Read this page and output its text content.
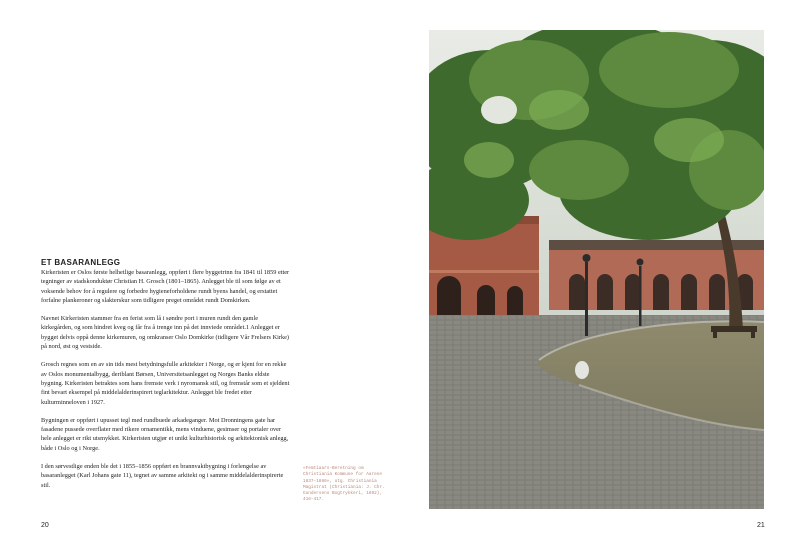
ET BASARANLEGG

Kirkeristen er Oslos første helhetlige basaranlegg, oppført i flere byggetrinn fra 1841 til 1859 etter tegninger av stadskonduktør Christian H. Grosch (1801–1865). Anlegget ble til som følge av et voksende behov for å regulere og forbedre hygieneforholdene rundt byens handel, og erstattet forfalne plankeroner og slakterskur som tidligere preget området rundt Domkirken.

Navnet Kirkeristen stammer fra en ferist som lå i søndre port i muren rundt den gamle kirkegården, og som hindret kveg og får fra å trenge inn på det innviede området.1 Anlegget er bygget delvis oppå denne kirkemuren, og omkranser Oslo Domkirke (tidligere Vår Frelsers Kirke) på nord, øst og vestside.

Grosch regnes som en av sin tids mest betydningsfulle arkitekter i Norge, og er kjent for en rekke av Oslos monumentalbygg, deriblant Børsen, Universitetsanlegget og Norges Banks eldste bygning. Kirkeristen betraktes som hans fremste verk i nyromansk stil, og fremstår som et sjeldent fint bevart eksempel på middelalderinspirert teglarkitektur. Anlegget ble fredet etter kulturminneloven i 1927.

Bygningen er oppført i upusset tegl med rundbuede arkadeganger. Mot Dronningens gate har fasadene pussede overflater med rikere ornamentikk, mens vinduene, gesimser og portaler over hele anlegget er rikt utsmykket. Kirkeristen utgjør et unikt kulturhistorisk og arkitektonisk anlegg, både i Oslo og i Norge.

I den sørvestlige enden ble det i 1855–1856 oppført en brannvaktbygning i forlengelse av basaranlegget (Karl Johans gate 11), tegnet av samme arkitekt og i samme middelalderinspirerte stil.

20
«Femtiaars-Beretning om Christiania Kommune for Aarene 1837–1886», utg. Christiania Magistrat (Christiania: J. Chr. Gundersens Bogtrykkeri, 1892), 416–417.
21
